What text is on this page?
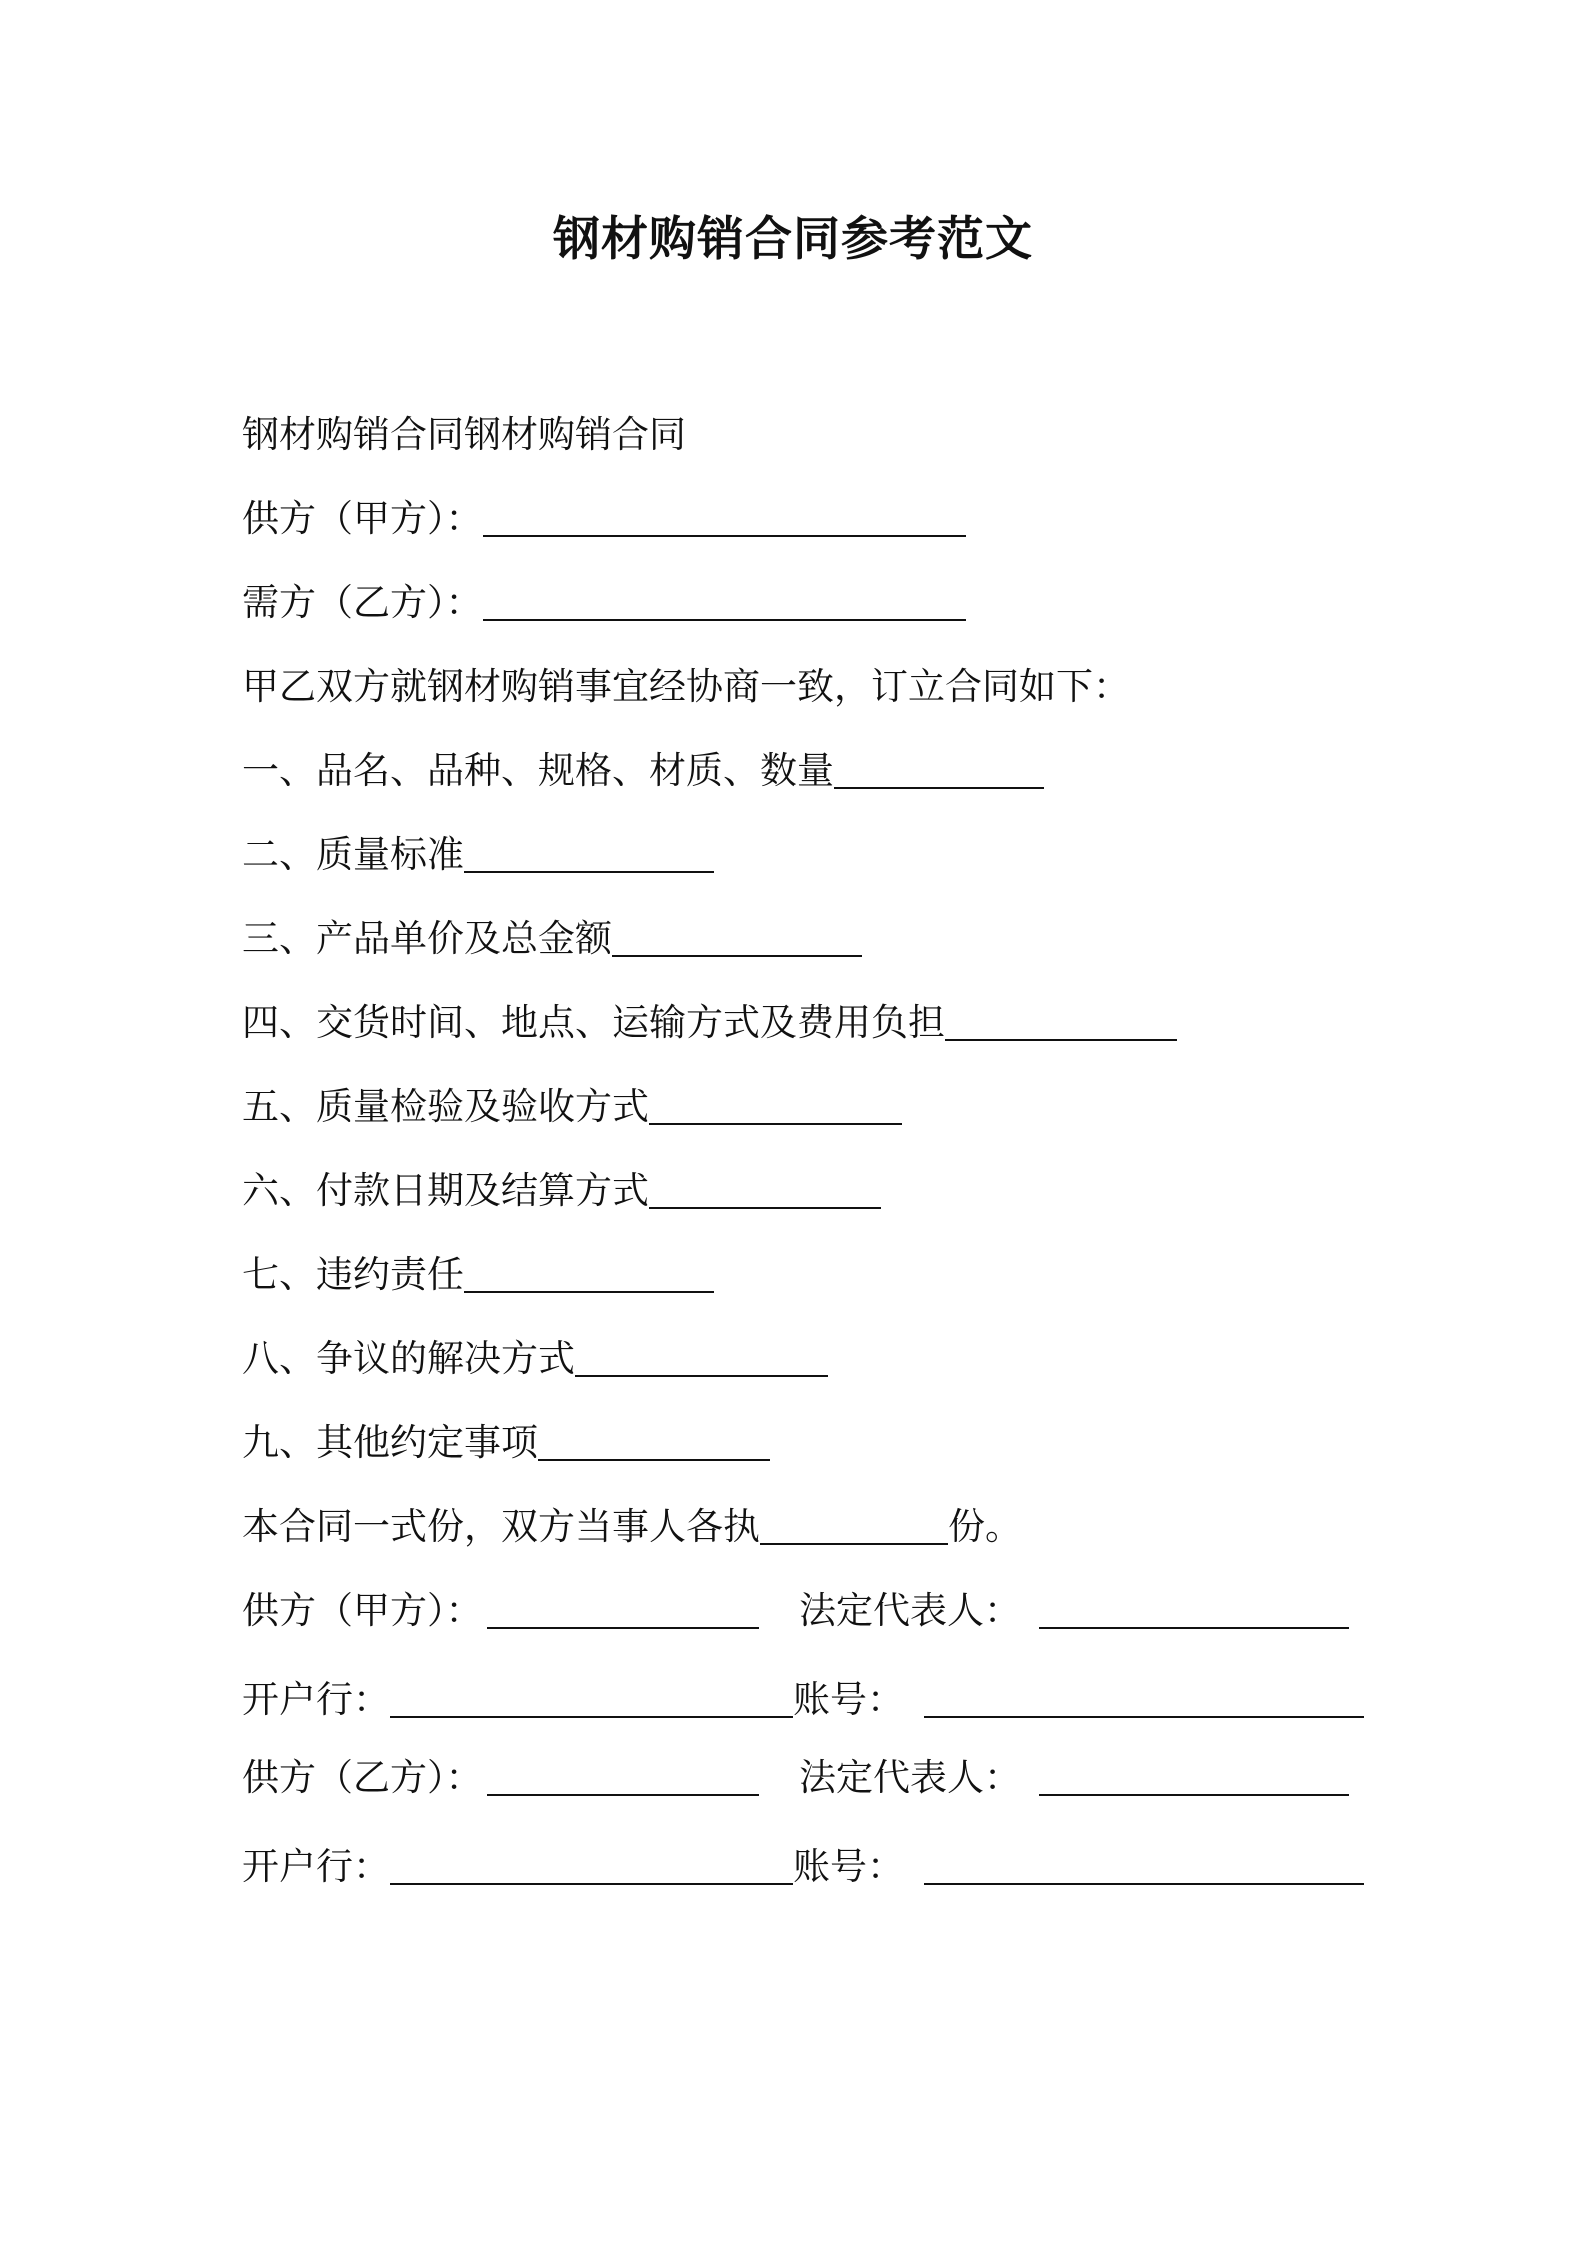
钢材购销合同参考范文
钢材购销合同钢材购销合同
供方（甲方）：
需方（乙方）：
甲乙双方就钢材购销事宜经协商一致，订立合同如下：
一、品名、品种、规格、材质、数量
二、质量标准
三、产品单价及总金额
四、交货时间、地点、运输方式及费用负担
五、质量检验及验收方式
六、付款日期及结算方式
七、违约责任
八、争议的解决方式
九、其他约定事项
本合同一式份，双方当事人各执	份。
供方（甲方）：	法定代表人：
开户行：	账号：
供方（乙方）：	法定代表人：
开户行：	账号：
